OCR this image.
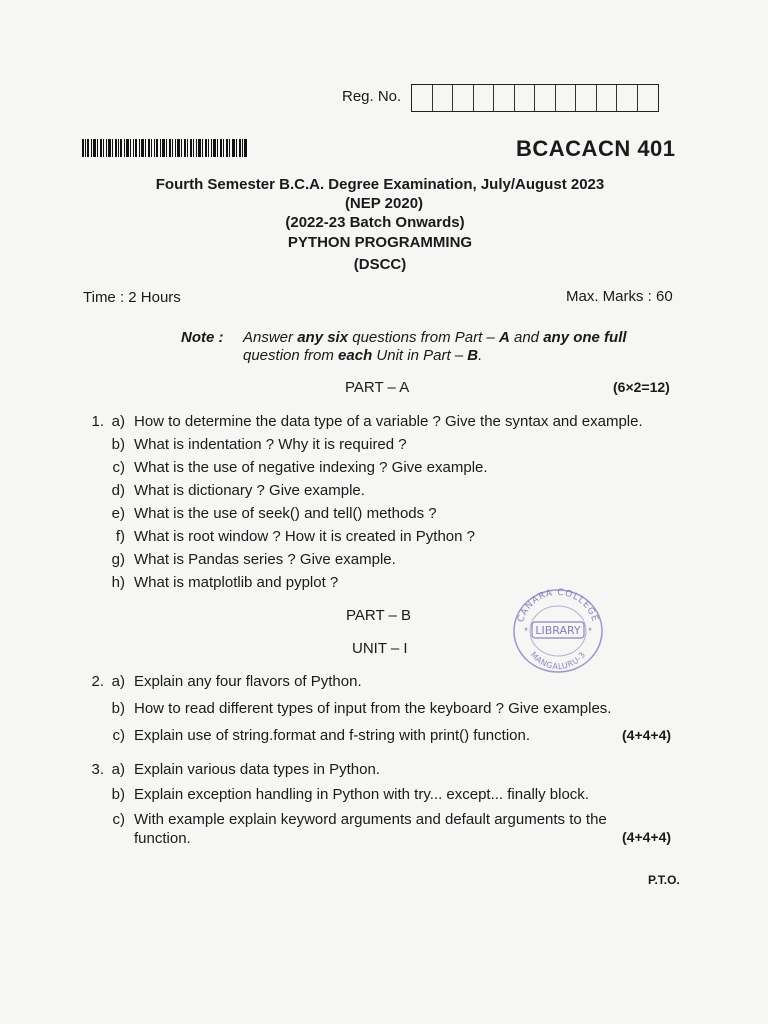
Reg. No.
BCACACN 401
Fourth Semester B.C.A. Degree Examination, July/August 2023
(NEP 2020)
(2022-23 Batch Onwards)
PYTHON PROGRAMMING
(DSCC)
Time : 2 Hours	Max. Marks : 60
Note : Answer any six questions from Part – A and any one full
question from each Unit in Part – B.
PART – A	(6×2=12)
1. a) How to determine the data type of a variable ? Give the syntax and example.
b) What is indentation ? Why it is required ?
c) What is the use of negative indexing ? Give example.
d) What is dictionary ? Give example.
e) What is the use of seek() and tell() methods ?
f) What is root window ? How it is created in Python ?
g) What is Pandas series ? Give example.
h) What is matplotlib and pyplot ?
PART – B
UNIT – I
CANARA COLLEGE
LIBRARY
*	*
MANGALURU-3
2. a) Explain any four flavors of Python.
b) How to read different types of input from the keyboard ? Give examples.
c) Explain use of string.format and f-string with print() function.	(4+4+4)
3. a) Explain various data types in Python.
b) Explain exception handling in Python with try... except... finally block.
c) With example explain keyword arguments and default arguments to the
function.	(4+4+4)
P.T.O.
